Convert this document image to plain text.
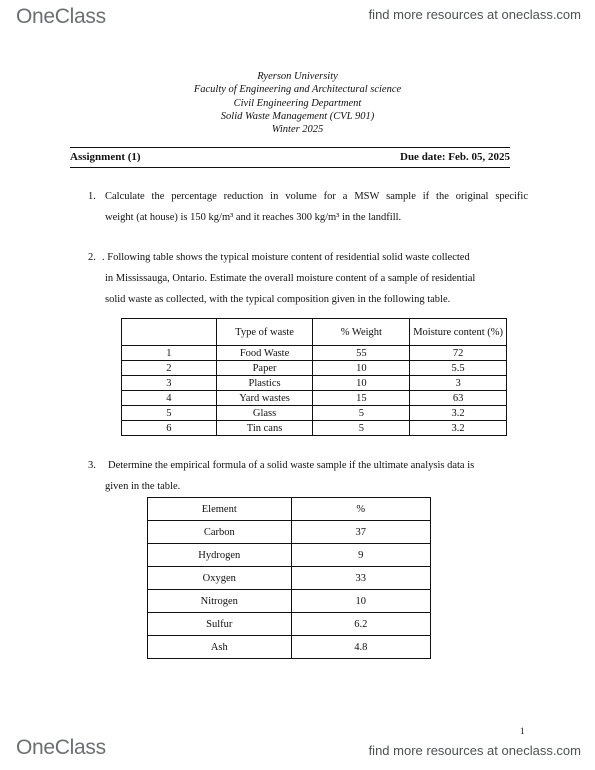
OneClass	find more resources at oneclass.com
Ryerson University
Faculty of Engineering and Architectural science
Civil Engineering Department
Solid Waste Management (CVL 901)
Winter 2025
Assignment (1)	Due date: Feb. 05, 2025
1. Calculate the percentage reduction in volume for a MSW sample if the original specific
weight (at house) is 150 kg/m³ and it reaches 300 kg/m³ in the landfill.
2. . Following table shows the typical moisture content of residential solid waste collected
in Mississauga, Ontario. Estimate the overall moisture content of a sample of residential
solid waste as collected, with the typical composition given in the following table.
	Type of waste	% Weight	Moisture content (%)
1	Food Waste	55	72
2	Paper	10	5.5
3	Plastics	10	3
4	Yard wastes	15	63
5	Glass	5	3.2
6	Tin cans	5	3.2
3. Determine the empirical formula of a solid waste sample if the ultimate analysis data is
given in the table.
Element	%
Carbon	37
Hydrogen	9
Oxygen	33
Nitrogen	10
Sulfur	6.2
Ash	4.8
1
OneClass	find more resources at oneclass.com
